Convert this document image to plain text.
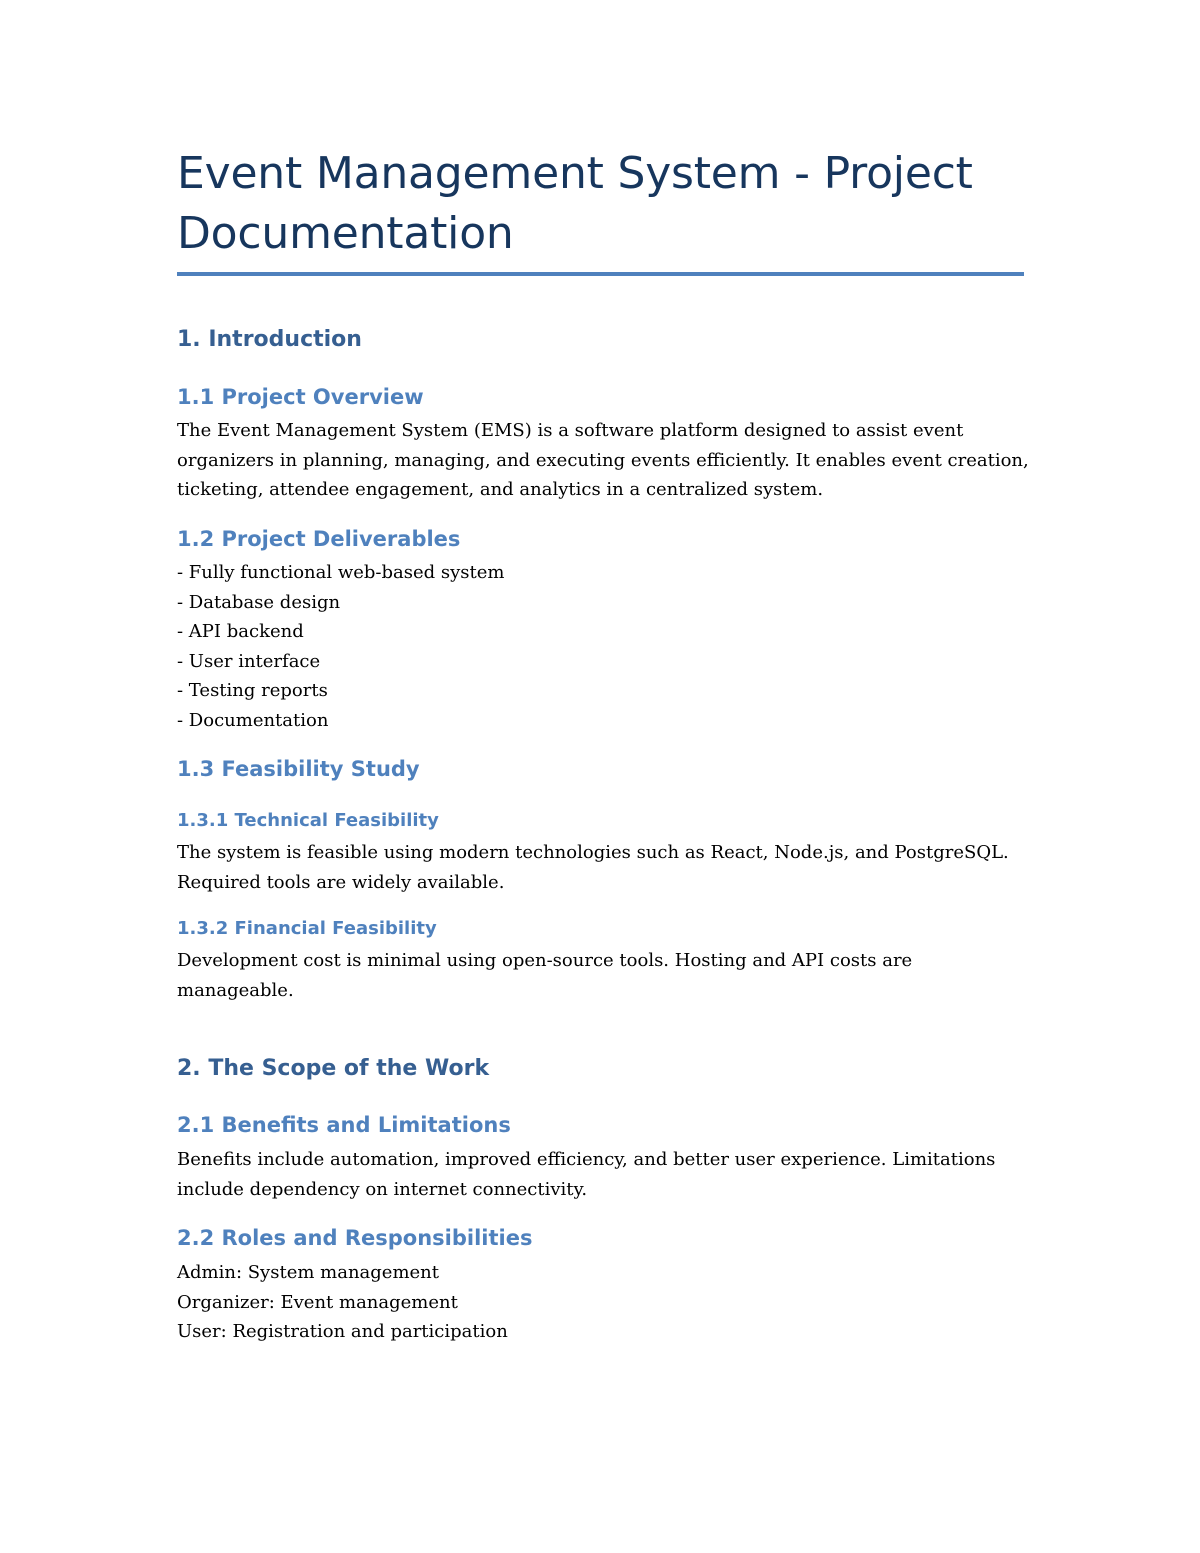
Event Management System - Project
Documentation
1. Introduction
1.1 Project Overview

The Event Management System (EMS) is a software platform designed to assist event
organizers in planning, managing, and executing events efficiently. It enables event creation,
ticketing, attendee engagement, and analytics in a centralized system.

1.2 Project Deliverables
- Fully functional web-based system
- Database design
- API backend
- User interface
- Testing reports
- Documentation
1.3 Feasibility Study
1.3.1 Technical Feasibility

The system is feasible using modern technologies such as React, Node.js, and PostgreSQL.
Required tools are widely available.

1.3.2 Financial Feasibility

Development cost is minimal using open-source tools. Hosting and API costs are
manageable.

2. The Scope of the Work
2.1 Benefits and Limitations

Benefits include automation, improved efficiency, and better user experience. Limitations
include dependency on internet connectivity.

2.2 Roles and Responsibilities
Admin: System management
Organizer: Event management
User: Registration and participation
